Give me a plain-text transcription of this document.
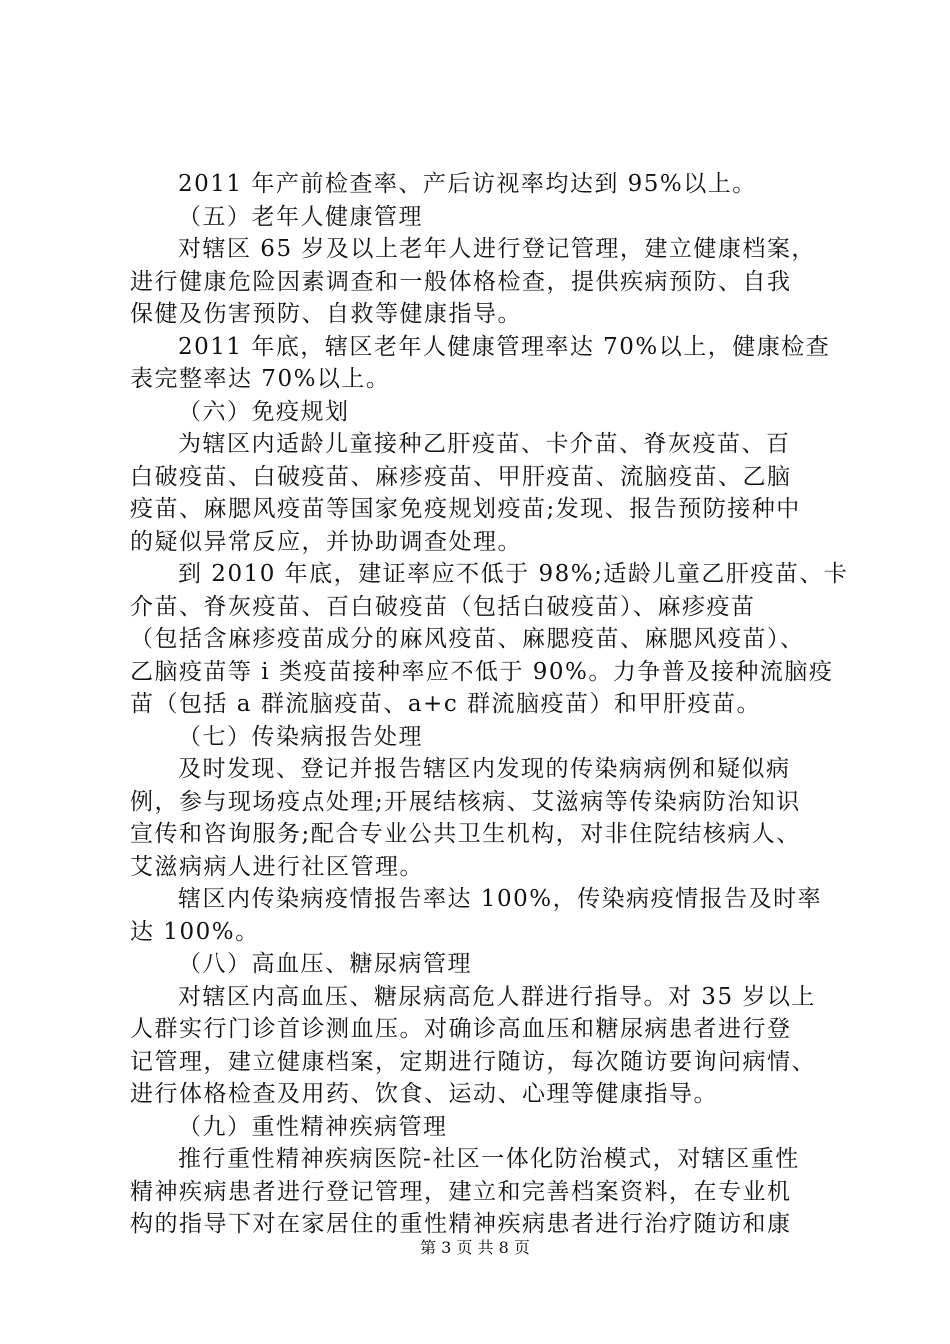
2011 年产前检查率、产后访视率均达到 95%以上。
（五）老年人健康管理
对辖区 65 岁及以上老年人进行登记管理，建立健康档案，
进行健康危险因素调查和一般体格检查，提供疾病预防、自我
保健及伤害预防、自救等健康指导。
2011 年底，辖区老年人健康管理率达 70%以上，健康检查
表完整率达 70%以上。
（六）免疫规划
为辖区内适龄儿童接种乙肝疫苗、卡介苗、脊灰疫苗、百
白破疫苗、白破疫苗、麻疹疫苗、甲肝疫苗、流脑疫苗、乙脑
疫苗、麻腮风疫苗等国家免疫规划疫苗;发现、报告预防接种中
的疑似异常反应，并协助调查处理。
到 2010 年底，建证率应不低于 98%;适龄儿童乙肝疫苗、卡
介苗、脊灰疫苗、百白破疫苗（包括白破疫苗）、麻疹疫苗
（包括含麻疹疫苗成分的麻风疫苗、麻腮疫苗、麻腮风疫苗）、
乙脑疫苗等 i 类疫苗接种率应不低于 90%。力争普及接种流脑疫
苗（包括 a 群流脑疫苗、a+c 群流脑疫苗）和甲肝疫苗。
（七）传染病报告处理
及时发现、登记并报告辖区内发现的传染病病例和疑似病
例，参与现场疫点处理;开展结核病、艾滋病等传染病防治知识
宣传和咨询服务;配合专业公共卫生机构，对非住院结核病人、
艾滋病病人进行社区管理。
辖区内传染病疫情报告率达 100%，传染病疫情报告及时率
达 100%。
（八）高血压、糖尿病管理
对辖区内高血压、糖尿病高危人群进行指导。对 35 岁以上
人群实行门诊首诊测血压。对确诊高血压和糖尿病患者进行登
记管理，建立健康档案，定期进行随访，每次随访要询问病情、
进行体格检查及用药、饮食、运动、心理等健康指导。
（九）重性精神疾病管理
推行重性精神疾病医院-社区一体化防治模式，对辖区重性
精神疾病患者进行登记管理，建立和完善档案资料，在专业机
构的指导下对在家居住的重性精神疾病患者进行治疗随访和康
第 3 页 共 8 页
